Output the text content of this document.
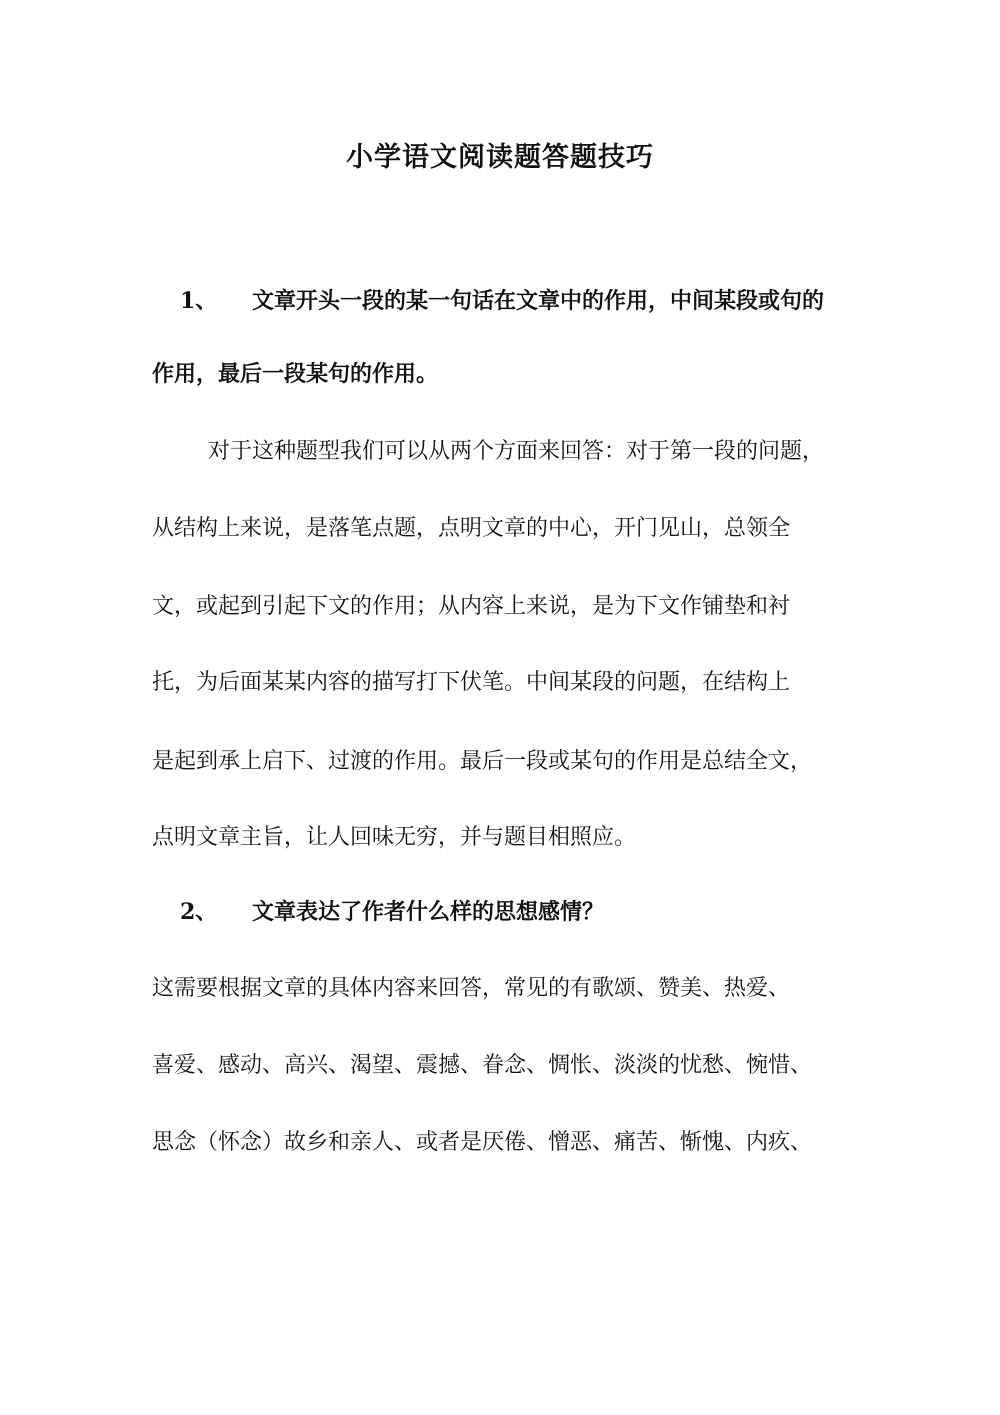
小学语文阅读题答题技巧
1、 文章开头一段的某一句话在文章中的作用，中间某段或句的
作用，最后一段某句的作用。
对于这种题型我们可以从两个方面来回答：对于第一段的问题，
从结构上来说，是落笔点题，点明文章的中心，开门见山，总领全
文，或起到引起下文的作用；从内容上来说，是为下文作铺垫和衬
托，为后面某某内容的描写打下伏笔。中间某段的问题，在结构上
是起到承上启下、过渡的作用。最后一段或某句的作用是总结全文，
点明文章主旨，让人回味无穷，并与题目相照应。
2、 文章表达了作者什么样的思想感情？
这需要根据文章的具体内容来回答，常见的有歌颂、赞美、热爱、
喜爱、感动、高兴、渴望、震撼、眷念、惆怅、淡淡的忧愁、惋惜、
思念（怀念）故乡和亲人、或者是厌倦、憎恶、痛苦、惭愧、内疚、
